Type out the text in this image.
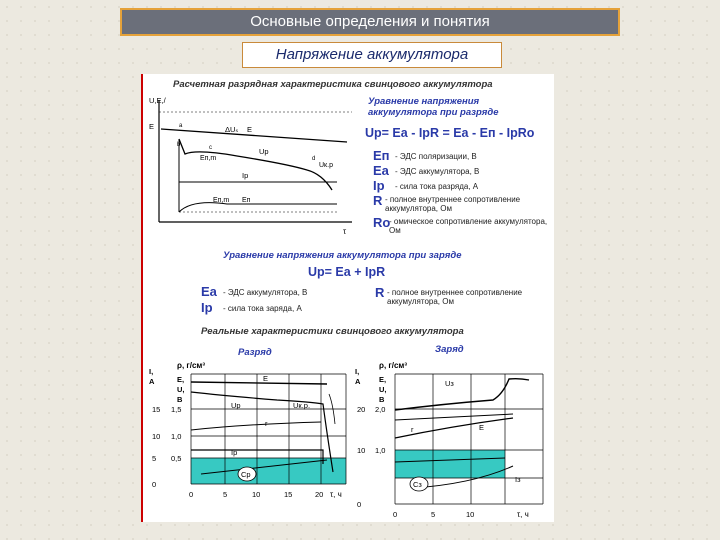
Основные определения и понятия
Напряжение аккумулятора
Расчетная разрядная характеристика свинцового аккумулятора
U,E,/
E	a
b	c
d
ΔUₛ E
Uр
Eп,m
Uк.р
Iр
Eп,m Eп
τ
Уравнение напряжения аккумулятора при разряде
Uр= Eа - IрR = Eа - Eп - IрRо
Eп - ЭДС поляризации, В
Eа - ЭДС аккумулятора, В
Iр - сила тока разряда, А
R - полное внутреннее сопротивление аккумулятора, Ом
Rо
- омическое сопротивление аккумулятора, Ом
Уравнение напряжения аккумулятора при заряде
Uр= Eа + IрR
Eа - ЭДС аккумулятора, В
Iр - сила тока заряда, А
R - полное внутреннее сопротивление аккумулятора, Ом
Реальные характеристики свинцового аккумулятора
Разряд	Заряд
ρ, г/см³
I,
A	E,
U,
B
15
10
5
0
1,5
1,0
0,5
0	5	10	15	20 τ, ч
E
Uр	Uк.р.
r
Iр
Cр
ρ, г/см³
I,
A E,
U,
B
20
10
0
2,0
1,0
0	5	10	τ, ч
Uз
E
r
Iз
Cз
